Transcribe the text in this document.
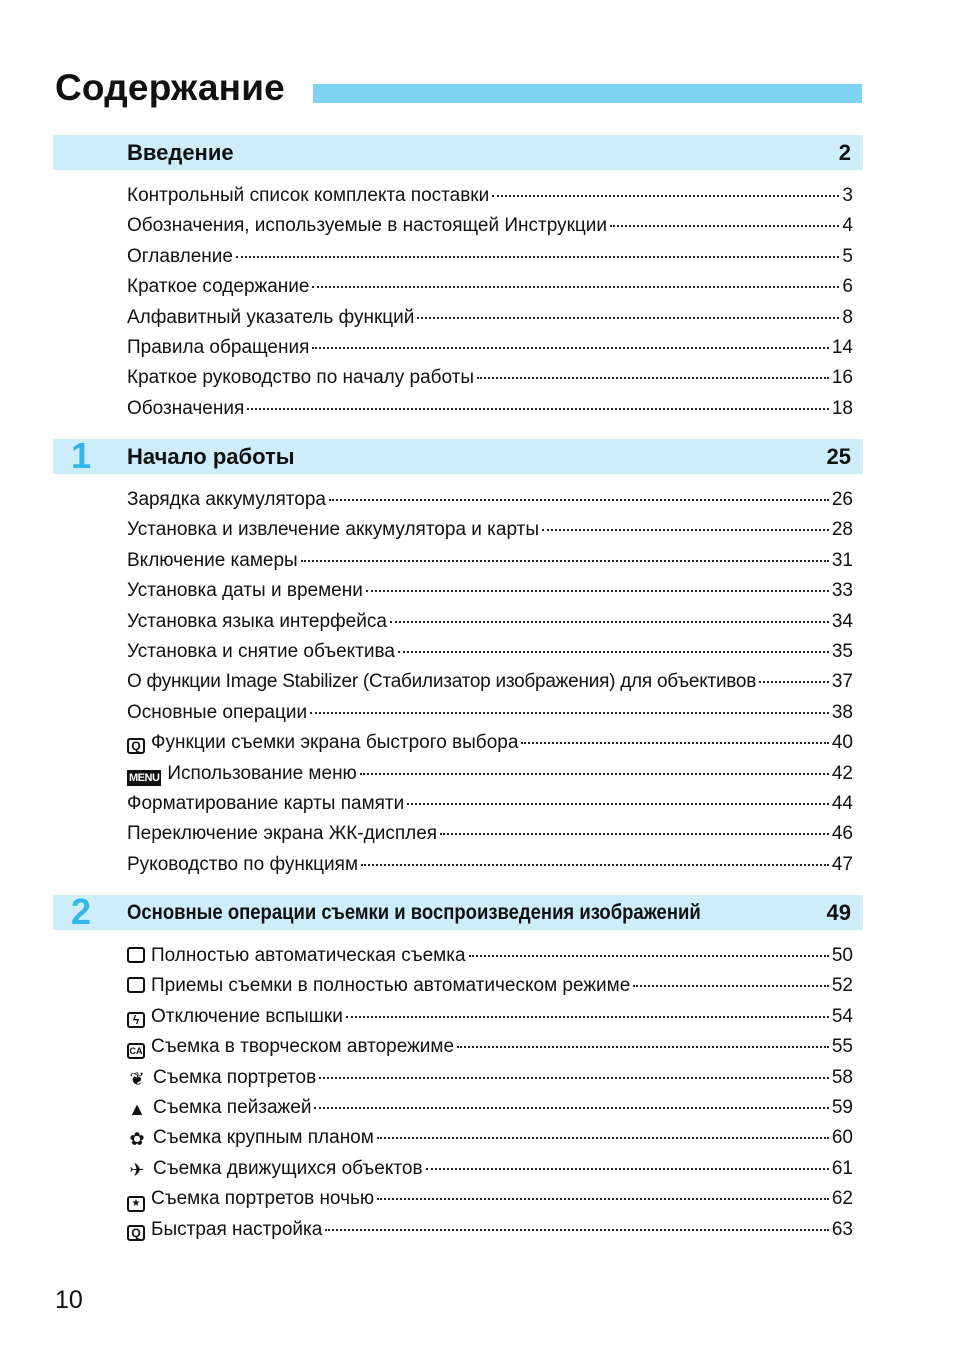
Содержание
Введение	2
Контрольный список комплекта поставки	3
Обозначения, используемые в настоящей Инструкции	4
Оглавление	5
Краткое содержание	6
Алфавитный указатель функций	8
Правила обращения	14
Краткое руководство по началу работы	16
Обозначения	18
1 Начало работы	25
Зарядка аккумулятора	26
Установка и извлечение аккумулятора и карты	28
Включение камеры	31
Установка даты и времени	33
Установка языка интерфейса	34
Установка и снятие объектива	35
О функции Image Stabilizer (Стабилизатор изображения) для объективов	37
Основные операции	38
Q Функции съемки экрана быстрого выбора	40
MENU Использование меню	42
Форматирование карты памяти	44
Переключение экрана ЖК-дисплея	46
Руководство по функциям	47
2 Основные операции съемки и воспроизведения изображений	49
Полностью автоматическая съемка	50
Приемы съемки в полностью автоматическом режиме	52
ϟ Отключение вспышки	54
CA Съемка в творческом авторежиме	55
❦ Съемка портретов	58
▲ Съемка пейзажей	59
✿ Съемка крупным планом	60
✈ Съемка движущихся объектов	61
★ Съемка портретов ночью	62
Q Быстрая настройка	63
10
